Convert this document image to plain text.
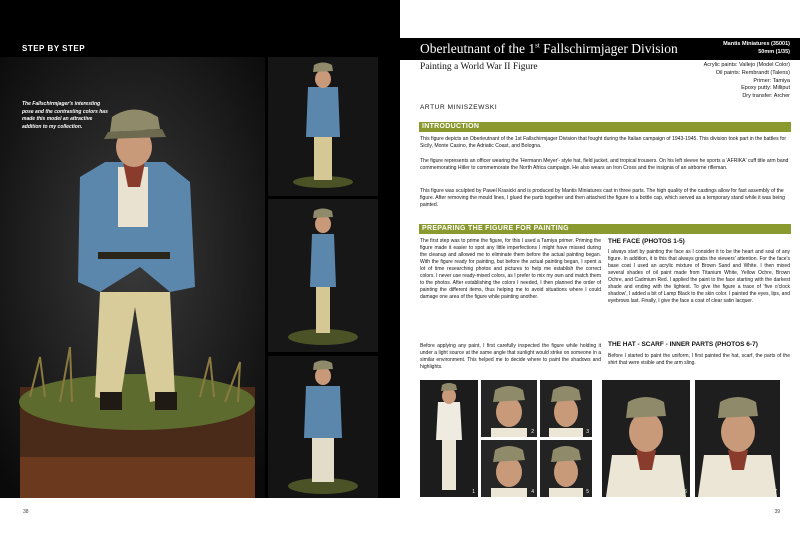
STEP BY STEP
The Fallschirmjager's interesting pose and the contrasting colors has made this model an attractive addition to my collection.
38
Oberleutnant of the 1st Fallschirmjager Division	Mantis Miniatures (35001)
50mm (1/35)
Painting a World War II Figure	Acrylic paints: Vallejo (Model Color)
Oil paints: Rembrandt (Talens)
Primer: Tamiya
Epoxy putty: Milliput
Dry transfer: Archer
ARTUR MINISZEWSKI
INTRODUCTION
This figure depicts an Oberleutnant of the 1st Fallschirmjager Division that fought during the Italian campaign of 1943-1945. This division took part in the battles for Sicily, Monte Casino, the Adriatic Coast, and Bologna.
The figure represents an officer wearing the 'Hermann Meyer'- style hat, field jacket, and tropical trousers. On his left sleeve he sports a 'AFRIKA' cuff title arm band commemorating Hitler to commemorate the North Africa campaign. He also wears an Iron Cross and the insignia of an airborne rifleman.
This figure was sculpted by Pawel Krasicki and is produced by Mantis Miniatures cast in three parts. The high quality of the castings allow for fast assembly of the figure. After removing the mould lines, I glued the parts together and then attached the figure to a bottle cap, which served as a temporary stand while it was being painted.
PREPARING THE FIGURE FOR PAINTING
The first step was to prime the figure, for this I used a Tamiya primer. Priming the figure made it easier to spot any little imperfections I might have missed during the cleanup and allowed me to eliminate them before the actual painting began. With the figure ready for painting, but before the actual painting began, I spent a lot of time researching photos and pictures to help me establish the correct colors. I never use ready-mixed colors, as I prefer to mix my own and match them to the photos. After establishing the colors I needed, I then planned the order of painting the different items, thus helping me to avoid situations where I could damage one area of the figure while painting another.
Before applying any paint, I first carefully inspected the figure while holding it under a light source at the same angle that sunlight would strike on someone in a similar environment. This helped me to decide where to paint the shadows and highlights.
THE FACE (PHOTOS 1-5)
I always start by painting the face as I consider it to be the heart and soul of any figure. In addition, it is this that always grabs the viewers' attention. For the face's base coat I used an acrylic mixture of Brown Sand and White. I then mixed several shades of oil paint made from Titanium White, Yellow Ochre, Brown Ochre, and Cadmium Red. I applied the paint to the face starting with the darkest shade and ending with the lightest. To give the figure a trace of 'five o'clock shadow', I added a bit of Lamp Black to the skin color. I painted the eyes, lips, and eyebrows last. Finally, I give the face a coat of clear satin lacquer.
THE HAT - SCARF - INNER PARTS (PHOTOS 6-7)
Before I started to paint the uniform, I first painted the hat, scarf, the parts of the shirt that were visible and the arm sling.
1
2	3
4	5	6	7
39
